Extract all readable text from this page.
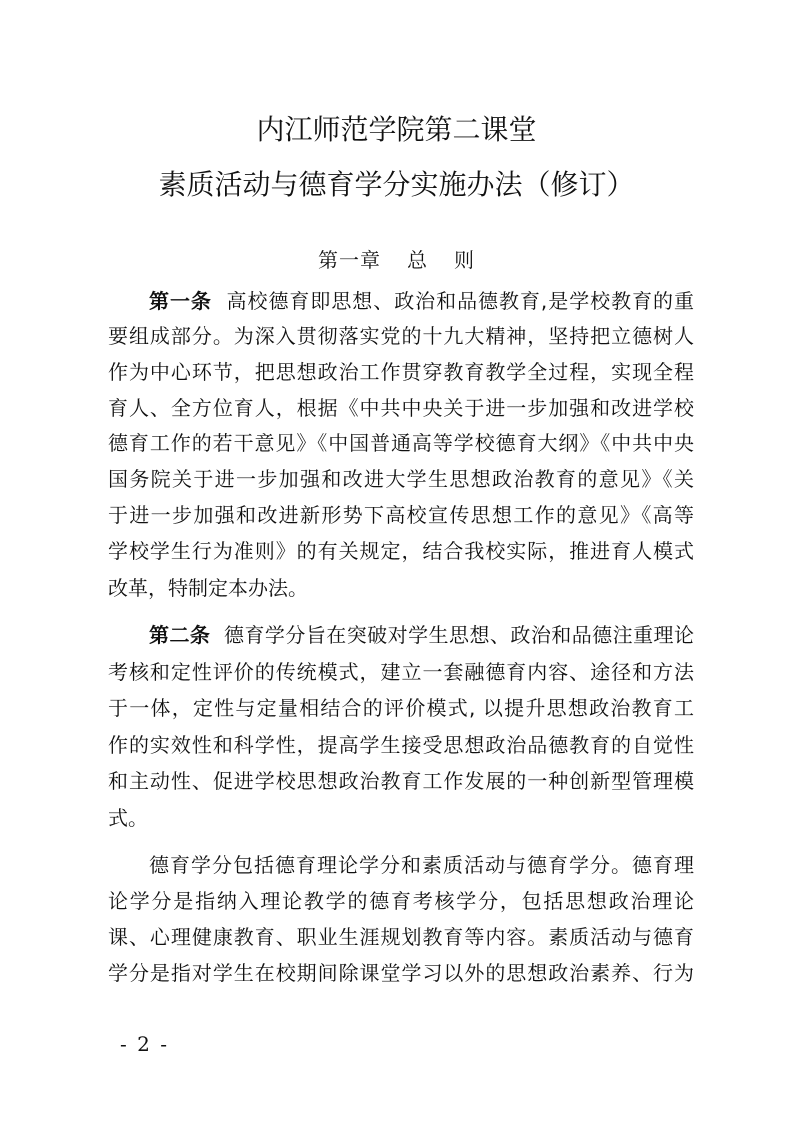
内江师范学院第二课堂
素质活动与德育学分实施办法（修订）
第一章 总 则
第一条 高校德育即思想、政治和品德教育,是学校教育的重
要组成部分。为深入贯彻落实党的十九大精神，坚持把立德树人
作为中心环节，把思想政治工作贯穿教育教学全过程，实现全程
育人、全方位育人，根据《中共中央关于进一步加强和改进学校
德育工作的若干意见》《中国普通高等学校德育大纲》《中共中央
国务院关于进一步加强和改进大学生思想政治教育的意见》《关
于进一步加强和改进新形势下高校宣传思想工作的意见》《高等
学校学生行为准则》的有关规定，结合我校实际，推进育人模式
改革，特制定本办法。
第二条 德育学分旨在突破对学生思想、政治和品德注重理论
考核和定性评价的传统模式，建立一套融德育内容、途径和方法
于一体，定性与定量相结合的评价模式, 以提升思想政治教育工
作的实效性和科学性，提高学生接受思想政治品德教育的自觉性
和主动性、促进学校思想政治教育工作发展的一种创新型管理模
式。
德育学分包括德育理论学分和素质活动与德育学分。德育理
论学分是指纳入理论教学的德育考核学分，包括思想政治理论
课、心理健康教育、职业生涯规划教育等内容。素质活动与德育
学分是指对学生在校期间除课堂学习以外的思想政治素养、行为
- 2 -
